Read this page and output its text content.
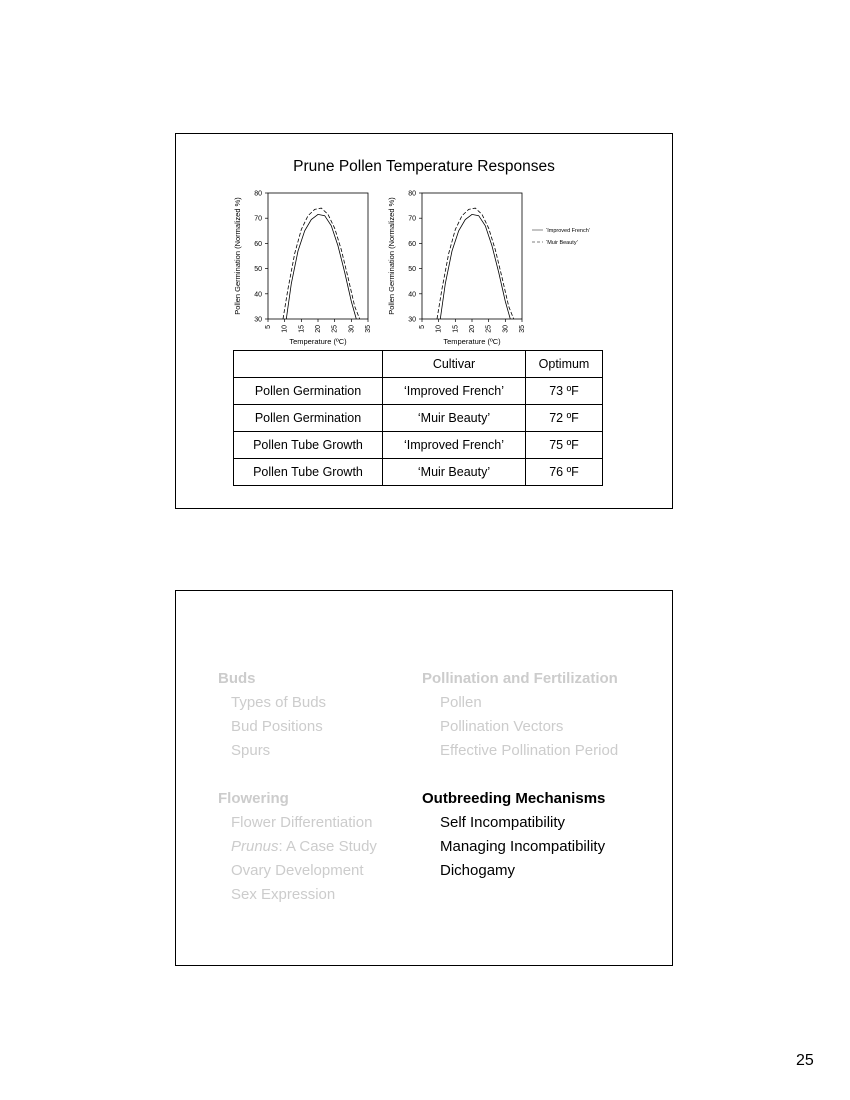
Prune Pollen Temperature Responses
30
40
50
60
70
80
5 10 15 20 25 30 35
Temperature (ºC)
Pollen Germination (Normalized %)
30
40
50
60
70
80
5 10 15 20 25 30 35
Temperature (ºC)
Pollen Germination (Normalized %)	‘Improved French’
‘Muir Beauty’
	Cultivar	Optimum
Pollen Germination	‘Improved French’	73 ºF
Pollen Germination	‘Muir Beauty’	72 ºF
Pollen Tube Growth	‘Improved French’	75 ºF
Pollen Tube Growth	‘Muir Beauty’	76 ºF
Buds
Types of Buds
Bud Positions
Spurs
Flowering
Flower Differentiation
Prunus: A Case Study
Ovary Development
Sex Expression
Pollination and Fertilization
Pollen
Pollination Vectors
Effective Pollination Period
Outbreeding Mechanisms
Self Incompatibility
Managing Incompatibility
Dichogamy
25
